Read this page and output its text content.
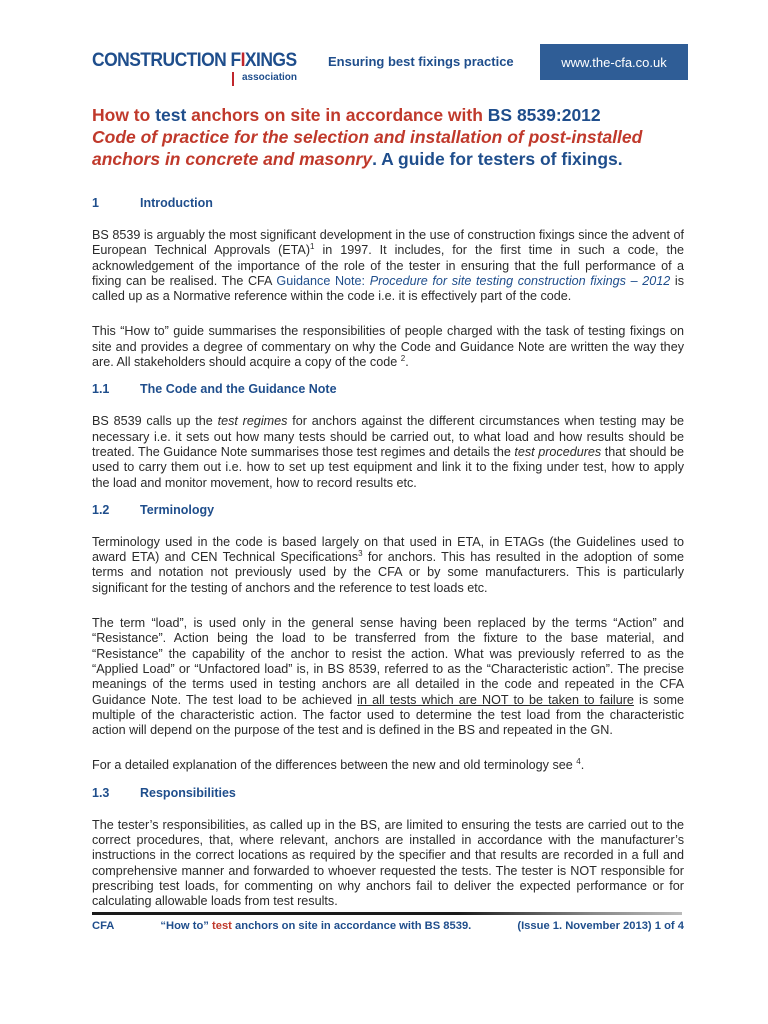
CONSTRUCTION FIXINGS
association
Ensuring best fixings practice	www.the-cfa.co.uk
How to test anchors on site in accordance with BS 8539:2012
Code of practice for the selection and installation of post-installed anchors in concrete and masonry. A guide for testers of fixings.
1	Introduction

BS 8539 is arguably the most significant development in the use of construction fixings since the advent of European Technical Approvals (ETA)$^1$ in 1997. It includes, for the first time in such a code, the acknowledgement of the importance of the role of the tester in ensuring that the full performance of a fixing can be realised. The CFA Guidance Note: Procedure for site testing construction fixings – 2012 is called up as a Normative reference within the code i.e. it is effectively part of the code.

This “How to” guide summarises the responsibilities of people charged with the task of testing fixings on site and provides a degree of commentary on why the Code and Guidance Note are written the way they are. All stakeholders should acquire a copy of the code $^2$.

1.1 The Code and the Guidance Note

BS 8539 calls up the test regimes for anchors against the different circumstances when testing may be necessary i.e. it sets out how many tests should be carried out, to what load and how results should be treated. The Guidance Note summarises those test regimes and details the test procedures that should be used to carry them out i.e. how to set up test equipment and link it to the fixing under test, how to apply the load and monitor movement, how to record results etc.

1.2 Terminology

Terminology used in the code is based largely on that used in ETA, in ETAGs (the Guidelines used to award ETA) and CEN Technical Specifications$^3$ for anchors. This has resulted in the adoption of some terms and notation not previously used by the CFA or by some manufacturers. This is particularly significant for the testing of anchors and the reference to test loads etc.

The term “load”, is used only in the general sense having been replaced by the terms “Action” and “Resistance”. Action being the load to be transferred from the fixture to the base material, and “Resistance” the capability of the anchor to resist the action. What was previously referred to as the “Applied Load” or “Unfactored load” is, in BS 8539, referred to as the “Characteristic action”. The precise meanings of the terms used in testing anchors are all detailed in the code and repeated in the CFA Guidance Note. The test load to be achieved in all tests which are NOT to be taken to failure is some multiple of the characteristic action. The factor used to determine the test load from the characteristic action will depend on the purpose of the test and is defined in the BS and repeated in the GN.

For a detailed explanation of the differences between the new and old terminology see $^4$.

1.3 Responsibilities

The tester’s responsibilities, as called up in the BS, are limited to ensuring the tests are carried out to the correct procedures, that, where relevant, anchors are installed in accordance with the manufacturer’s instructions in the correct locations as required by the specifier and that results are recorded in a full and comprehensive manner and forwarded to whoever requested the tests. The tester is NOT responsible for prescribing test loads, for commenting on why anchors fail to deliver the expected performance or for calculating allowable loads from test results.

CFA	“How to” test anchors on site in accordance with BS 8539.	(Issue 1. November 2013) 1 of 4
